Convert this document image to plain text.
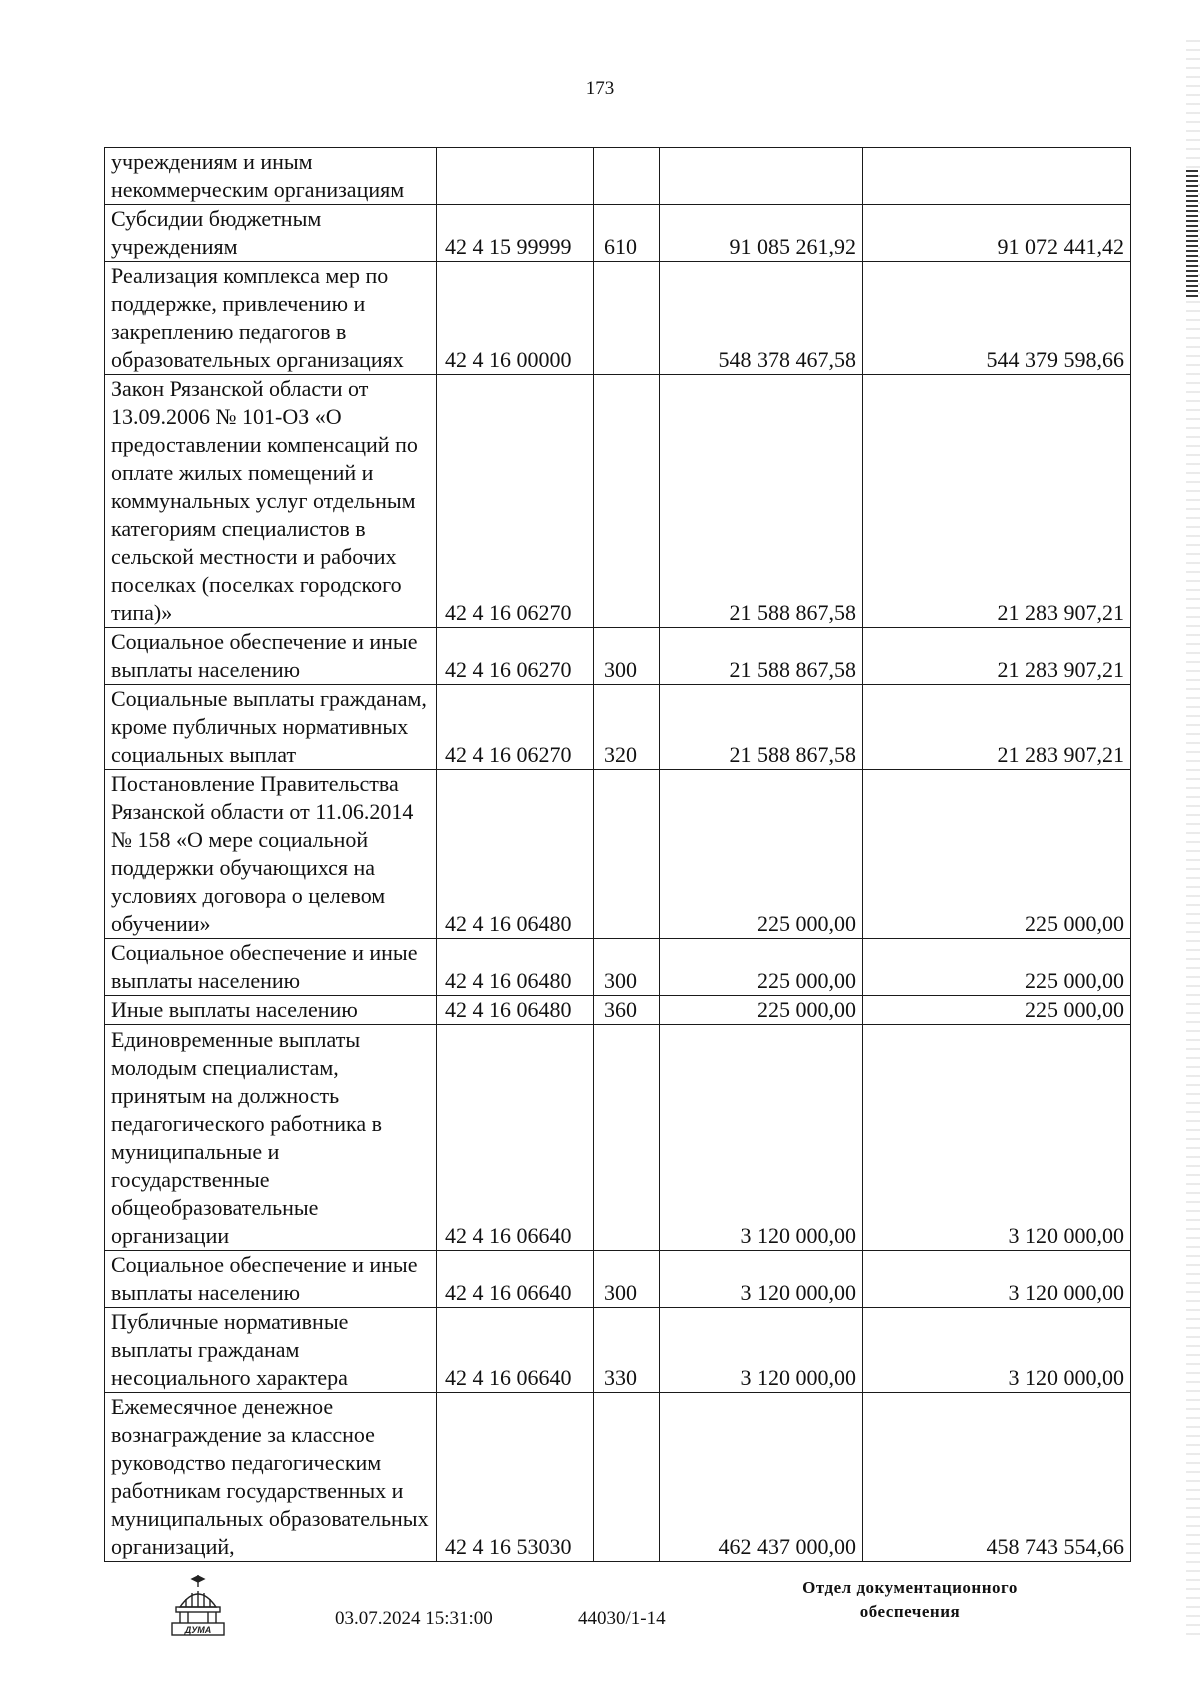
173
учреждениям и иным некоммерческим организациям				
Субсидии бюджетным учреждениям	42 4 15 99999	610	91 085 261,92	91 072 441,42
Реализация комплекса мер по поддержке, привлечению и закреплению педагогов в образовательных организациях	42 4 16 00000		548 378 467,58	544 379 598,66
Закон Рязанской области от 13.09.2006 № 101-ОЗ «О предоставлении компенсаций по оплате жилых помещений и коммунальных услуг отдельным категориям специалистов в сельской местности и рабочих поселках (поселках городского типа)»	42 4 16 06270		21 588 867,58	21 283 907,21
Социальное обеспечение и иные выплаты населению	42 4 16 06270	300	21 588 867,58	21 283 907,21
Социальные выплаты гражданам, кроме публичных нормативных социальных выплат	42 4 16 06270	320	21 588 867,58	21 283 907,21
Постановление Правительства Рязанской области от 11.06.2014 № 158 «О мере социальной поддержки обучающихся на условиях договора о целевом обучении»	42 4 16 06480		225 000,00	225 000,00
Социальное обеспечение и иные выплаты населению	42 4 16 06480	300	225 000,00	225 000,00
Иные выплаты населению	42 4 16 06480	360	225 000,00	225 000,00
Единовременные выплаты молодым специалистам, принятым на должность педагогического работника в муниципальные и государственные общеобразовательные организации	42 4 16 06640		3 120 000,00	3 120 000,00
Социальное обеспечение и иные выплаты населению	42 4 16 06640	300	3 120 000,00	3 120 000,00
Публичные нормативные выплаты гражданам несоциального характера	42 4 16 06640	330	3 120 000,00	3 120 000,00
Ежемесячное денежное вознаграждение за классное руководство педагогическим работникам государственных и муниципальных образовательных организаций,	42 4 16 53030		462 437 000,00	458 743 554,66
ДУМА
03.07.2024 15:31:00	44030/1-14
Отдел документационного обеспечения
